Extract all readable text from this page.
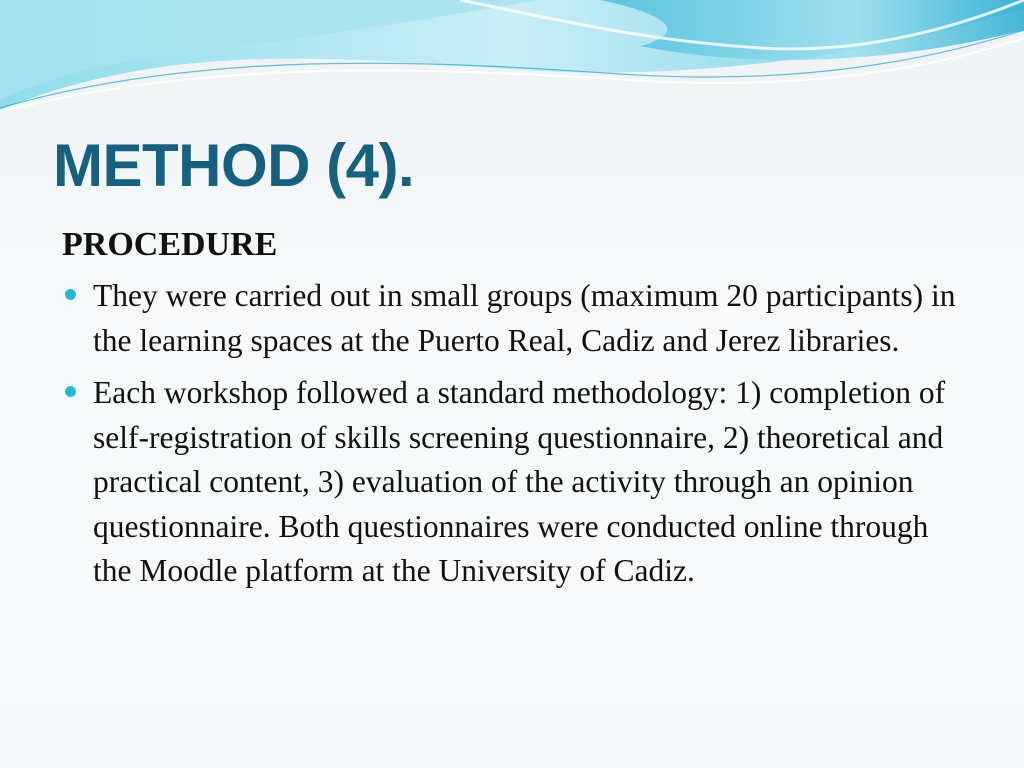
METHOD (4).
PROCEDURE
They were carried out in small groups (maximum 20 participants) in the learning spaces at the Puerto Real, Cadiz and Jerez libraries.
Each workshop followed a standard methodology: 1) completion of self-registration of skills screening questionnaire, 2) theoretical and practical content, 3) evaluation of the activity through an opinion questionnaire. Both questionnaires were conducted online through the Moodle platform at the University of Cadiz.
